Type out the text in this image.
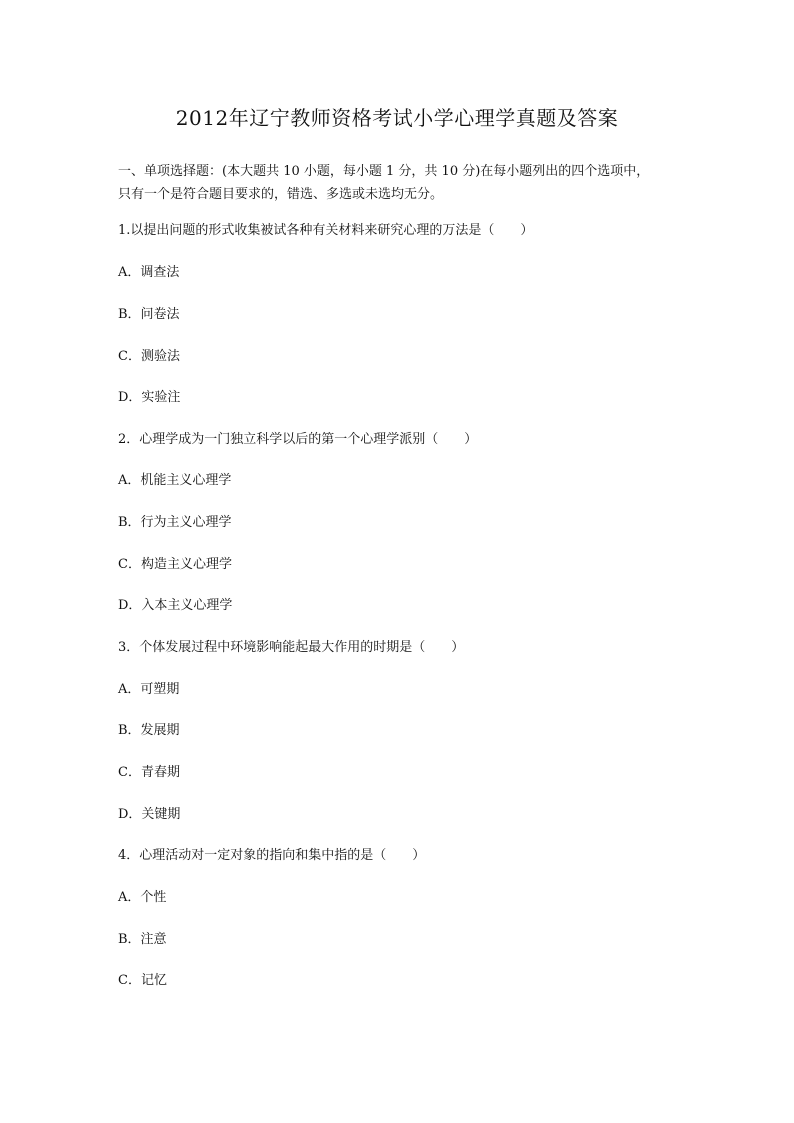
2012年辽宁教师资格考试小学心理学真题及答案
一、单项选择题：(本大题共 10 小题，每小题 1 分，共 10 分)在每小题列出的四个选项中，
只有一个是符合题目要求的，错选、多选或未选均无分。
1.以提出问题的形式收集被试各种有关材料来研究心理的万法是（　　）
A．调查法
B．问卷法
C．测验法
D．实验注
2．心理学成为一门独立科学以后的第一个心理学派别（　　）
A．机能主义心理学
B．行为主义心理学
C．构造主义心理学
D．入本主义心理学
3．个体发展过程中环境影响能起最大作用的时期是（　　）
A．可塑期
B．发展期
C．青春期
D．关键期
4．心理活动对一定对象的指向和集中指的是（　　）
A．个性
B．注意
C．记忆
